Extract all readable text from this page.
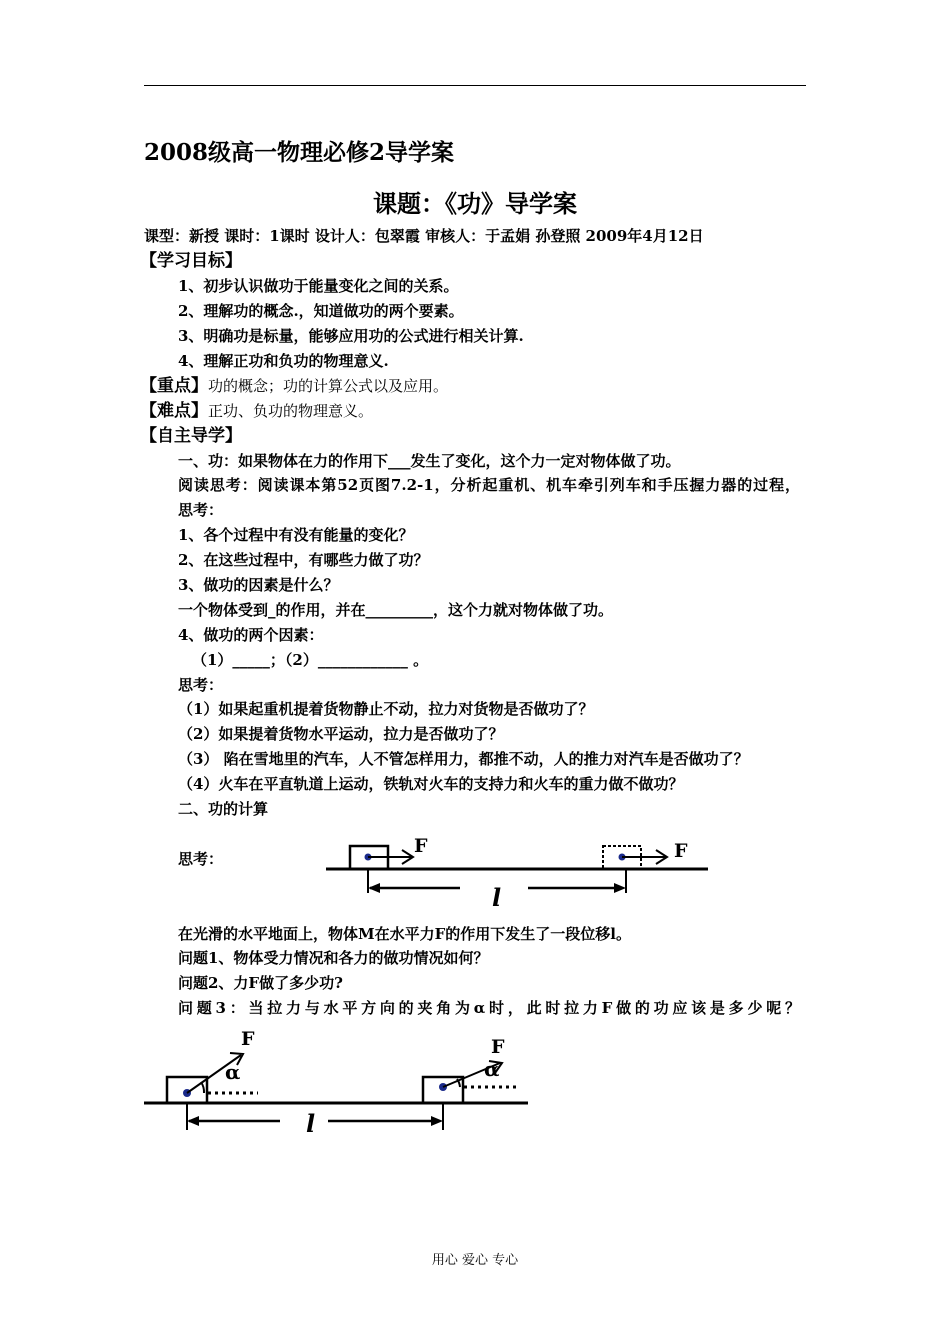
2008级高一物理必修2导学案
课题：《功》导学案
课型：新授 课时：1课时 设计人：包翠霞 审核人：于孟娟 孙登照 2009年4月12日
【学习目标】
1、初步认识做功于能量变化之间的关系。
2、理解功的概念.，知道做功的两个要素。
3、明确功是标量，能够应用功的公式进行相关计算.
4、理解正功和负功的物理意义.
【重点】功的概念；功的计算公式以及应用。
【难点】正功、负功的物理意义。
【自主导学】
一、功：如果物体在力的作用下___发生了变化，这个力一定对物体做了功。
阅读思考：阅读课本第52页图7.2-1，分析起重机、机车牵引列车和手压握力器的过程，
思考：
1、各个过程中有没有能量的变化？
2、在这些过程中，有哪些力做了功？
3、做功的因素是什么？
一个物体受到_的作用，并在_________，这个力就对物体做了功。
4、做功的两个因素：
（1）_____；（2）____________ 。
思考：
（1）如果起重机提着货物静止不动，拉力对货物是否做功了？
（2）如果提着货物水平运动，拉力是否做功了？
（3） 陷在雪地里的汽车，人不管怎样用力，都推不动，人的推力对汽车是否做功了？
（4）火车在平直轨道上运动，铁轨对火车的支持力和火车的重力做不做功？
二、功的计算
思考：
F	F
l
在光滑的水平地面上，物体M在水平力F的作用下发生了一段位移l。
问题1、物体受力情况和各力的做功情况如何？
问题2、力F做了多少功?
问题3：当拉力与水平方向的夹角为α时，此时拉力F做的功应该是多少呢？
F
α
F
α
l
用心 爱心 专心
